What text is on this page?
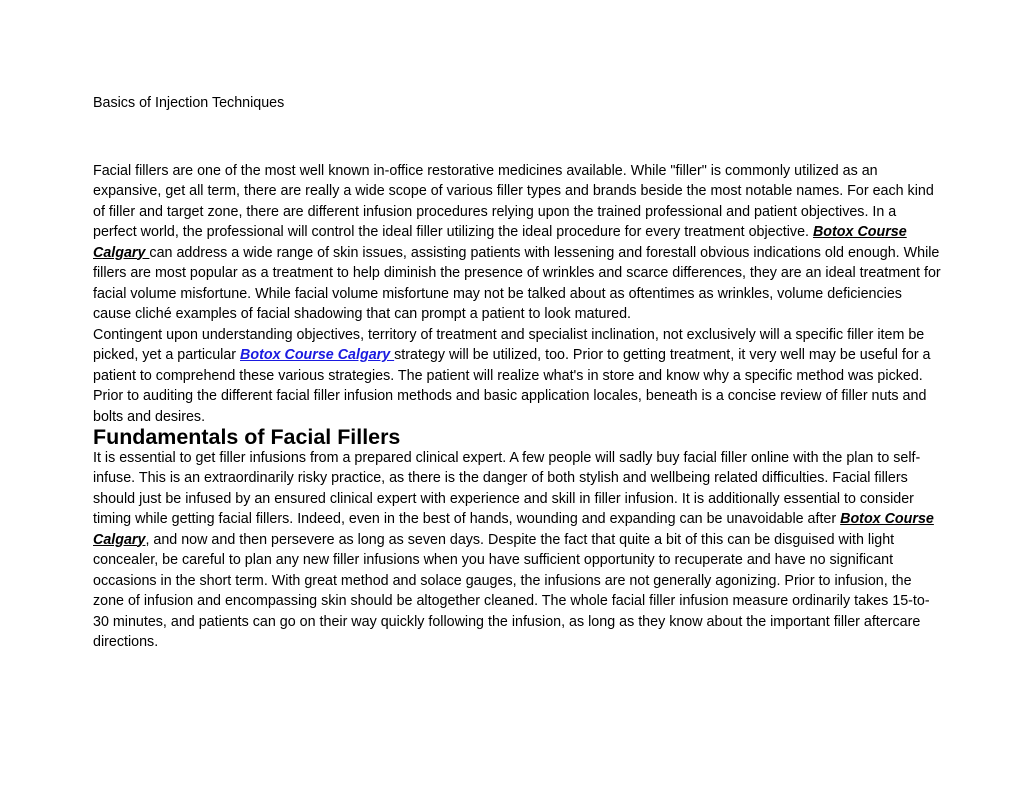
Basics of Injection Techniques

Facial fillers are one of the most well known in-office restorative medicines available. While "filler" is commonly utilized as an expansive, get all term, there are really a wide scope of various filler types and brands beside the most notable names. For each kind of filler and target zone, there are different infusion procedures relying upon the trained professional and patient objectives. In a perfect world, the professional will control the ideal filler utilizing the ideal procedure for every treatment objective. Botox Course Calgary can address a wide range of skin issues, assisting patients with lessening and forestall obvious indications old enough. While fillers are most popular as a treatment to help diminish the presence of wrinkles and scarce differences, they are an ideal treatment for facial volume misfortune. While facial volume misfortune may not be talked about as oftentimes as wrinkles, volume deficiencies cause cliché examples of facial shadowing that can prompt a patient to look matured.

Contingent upon understanding objectives, territory of treatment and specialist inclination, not exclusively will a specific filler item be picked, yet a particular Botox Course Calgary strategy will be utilized, too. Prior to getting treatment, it very well may be useful for a patient to comprehend these various strategies. The patient will realize what's in store and know why a specific method was picked. Prior to auditing the different facial filler infusion methods and basic application locales, beneath is a concise review of filler nuts and bolts and desires.

Fundamentals of Facial Fillers

It is essential to get filler infusions from a prepared clinical expert. A few people will sadly buy facial filler online with the plan to self-infuse. This is an extraordinarily risky practice, as there is the danger of both stylish and wellbeing related difficulties. Facial fillers should just be infused by an ensured clinical expert with experience and skill in filler infusion. It is additionally essential to consider timing while getting facial fillers. Indeed, even in the best of hands, wounding and expanding can be unavoidable after Botox Course Calgary, and now and then persevere as long as seven days. Despite the fact that quite a bit of this can be disguised with light concealer, be careful to plan any new filler infusions when you have sufficient opportunity to recuperate and have no significant occasions in the short term. With great method and solace gauges, the infusions are not generally agonizing. Prior to infusion, the zone of infusion and encompassing skin should be altogether cleaned. The whole facial filler infusion measure ordinarily takes 15-to-30 minutes, and patients can go on their way quickly following the infusion, as long as they know about the important filler aftercare directions.
